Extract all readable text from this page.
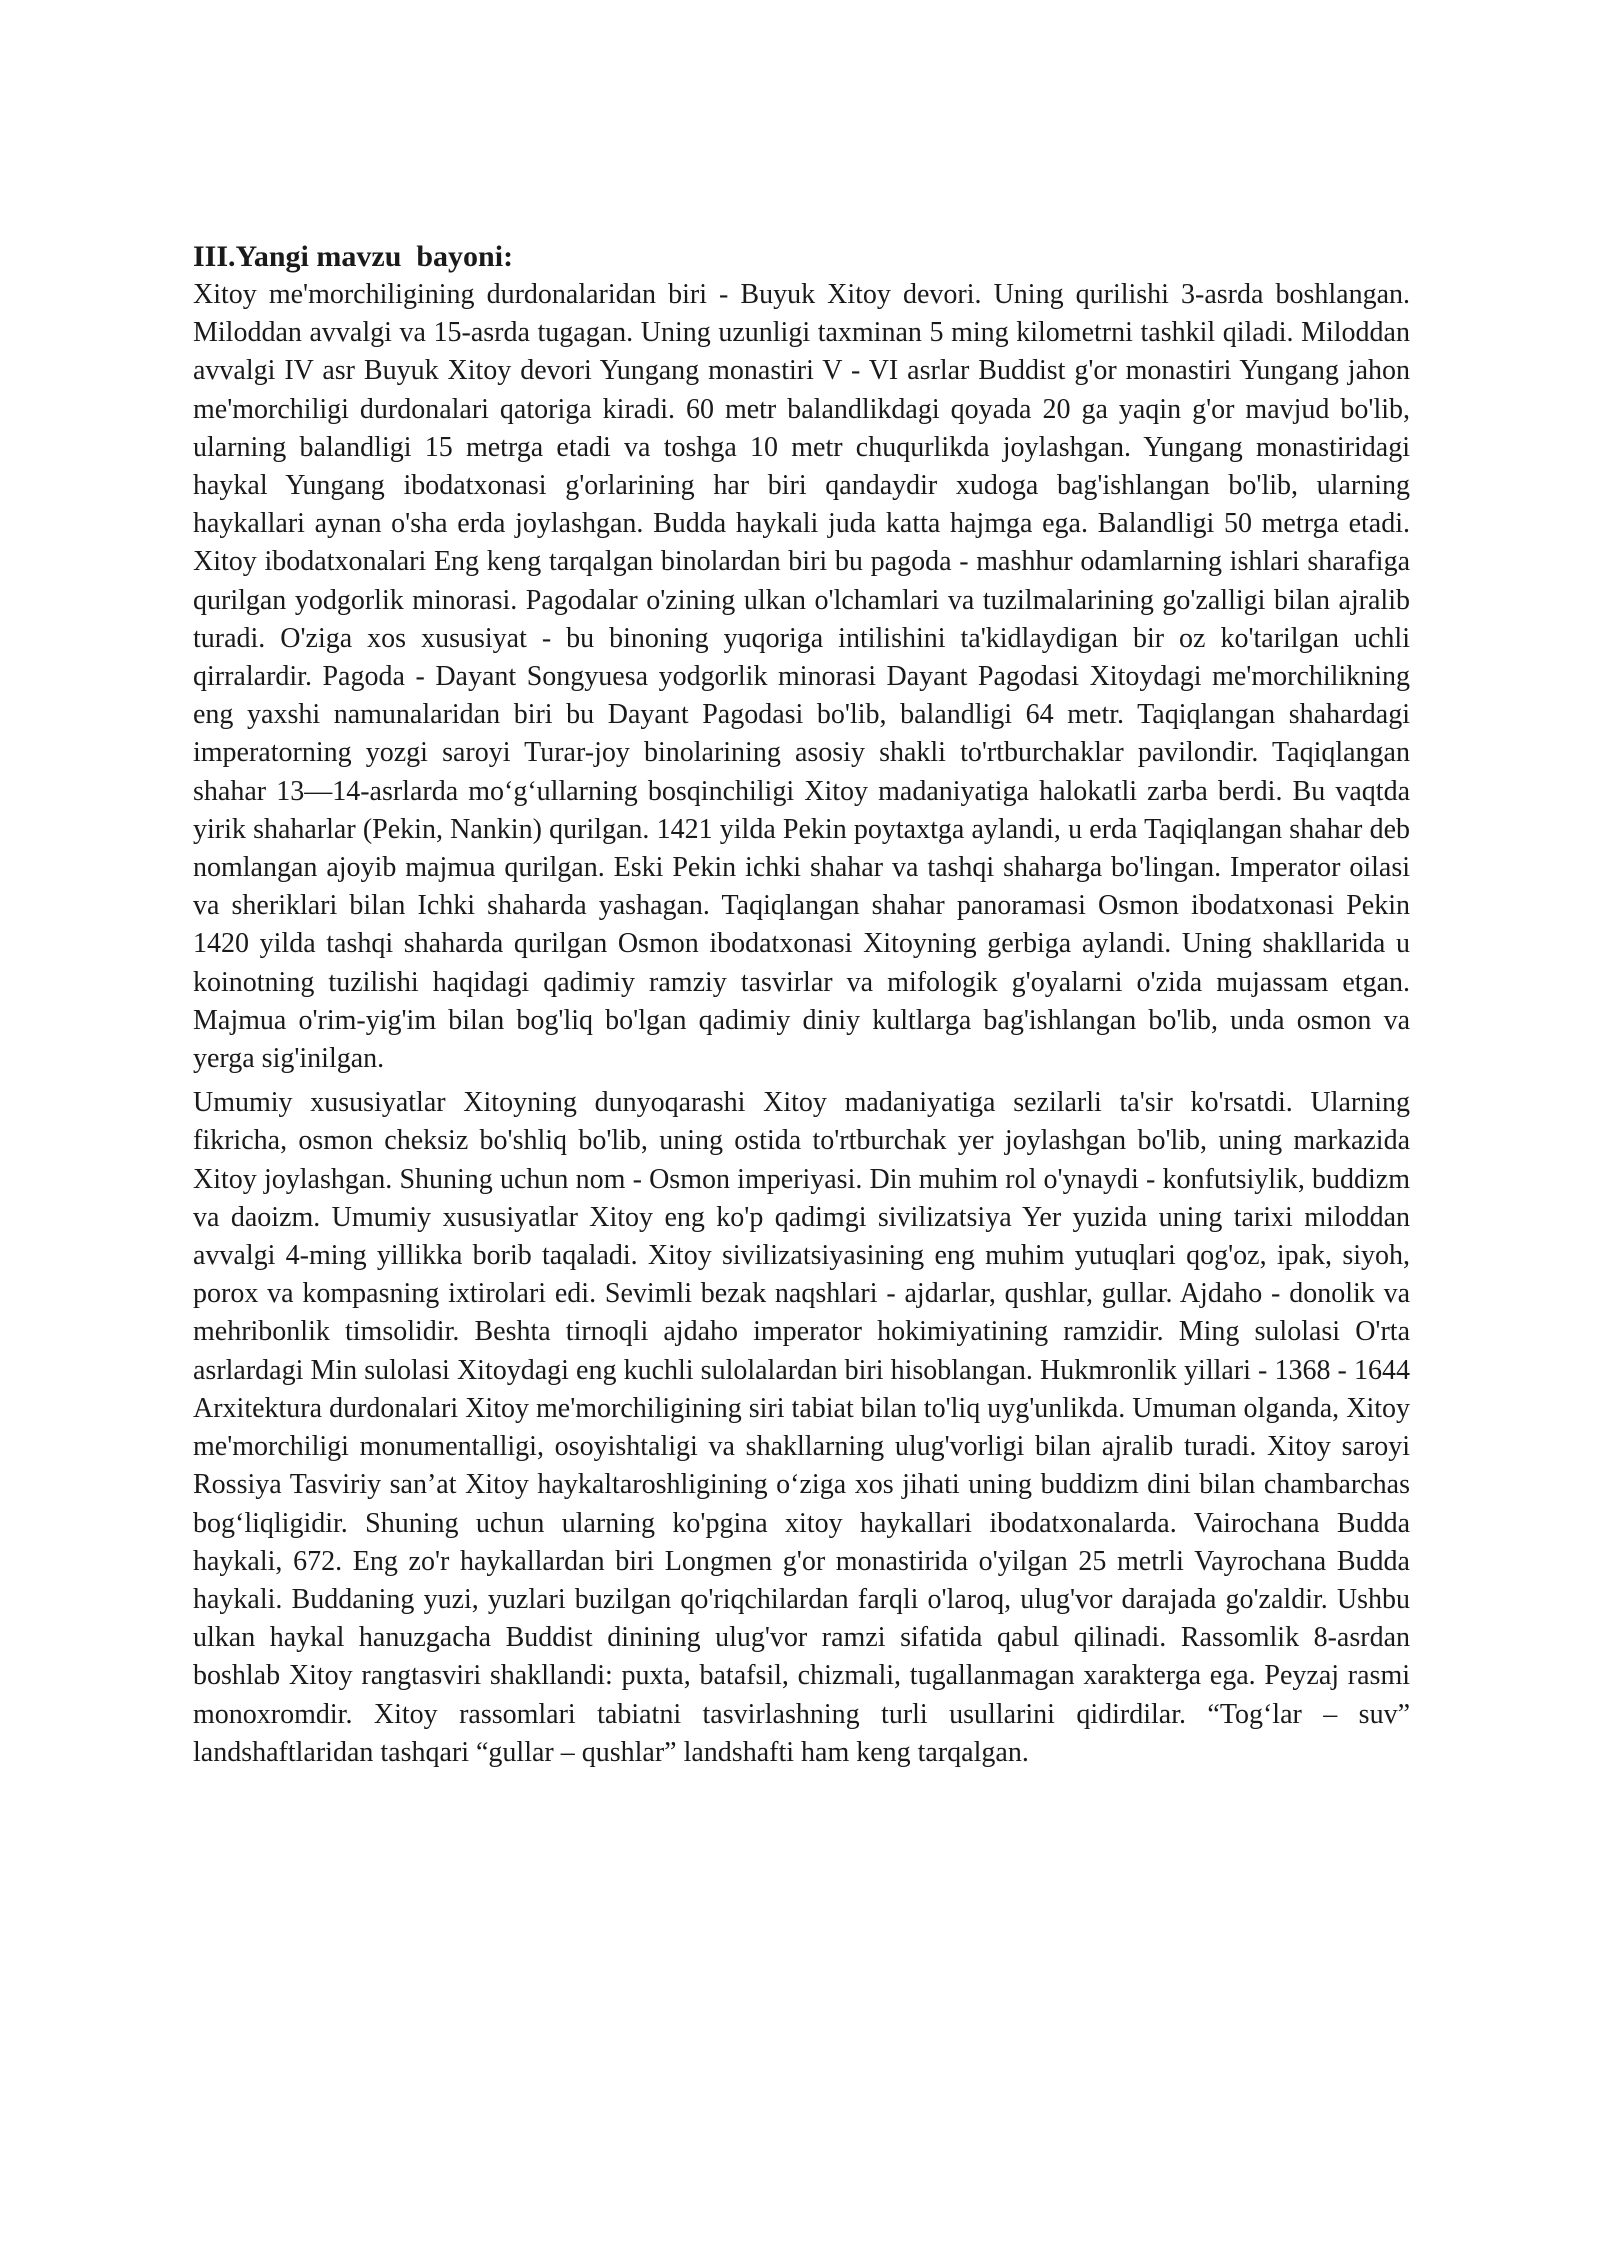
III.Yangi mavzu  bayoni:

Xitoy me'morchiligining durdonalaridan biri - Buyuk Xitoy devori. Uning qurilishi 3-asrda boshlangan. Miloddan avvalgi va 15-asrda tugagan. Uning uzunligi taxminan 5 ming kilometrni tashkil qiladi. Miloddan avvalgi IV asr Buyuk Xitoy devori Yungang monastiri V - VI asrlar Buddist g'or monastiri Yungang jahon me'morchiligi durdonalari qatoriga kiradi. 60 metr balandlikdagi qoyada 20 ga yaqin g'or mavjud bo'lib, ularning balandligi 15 metrga etadi va toshga 10 metr chuqurlikda joylashgan. Yungang monastiridagi haykal Yungang ibodatxonasi g'orlarining har biri qandaydir xudoga bag'ishlangan bo'lib, ularning haykallari aynan o'sha erda joylashgan. Budda haykali juda katta hajmga ega. Balandligi 50 metrga etadi. Xitoy ibodatxonalari Eng keng tarqalgan binolardan biri bu pagoda - mashhur odamlarning ishlari sharafiga qurilgan yodgorlik minorasi. Pagodalar o'zining ulkan o'lchamlari va tuzilmalarining go'zalligi bilan ajralib turadi. O'ziga xos xususiyat - bu binoning yuqoriga intilishini ta'kidlaydigan bir oz ko'tarilgan uchli qirralardir. Pagoda - Dayant Songyuesa yodgorlik minorasi Dayant Pagodasi Xitoydagi me'morchilikning eng yaxshi namunalaridan biri bu Dayant Pagodasi bo'lib, balandligi 64 metr. Taqiqlangan shahardagi imperatorning yozgi saroyi Turar-joy binolarining asosiy shakli to'rtburchaklar pavilondir. Taqiqlangan shahar 13—14-asrlarda mo‘g‘ullarning bosqinchiligi Xitoy madaniyatiga halokatli zarba berdi. Bu vaqtda yirik shaharlar (Pekin, Nankin) qurilgan. 1421 yilda Pekin poytaxtga aylandi, u erda Taqiqlangan shahar deb nomlangan ajoyib majmua qurilgan. Eski Pekin ichki shahar va tashqi shaharga bo'lingan. Imperator oilasi va sheriklari bilan Ichki shaharda yashagan. Taqiqlangan shahar panoramasi Osmon ibodatxonasi Pekin 1420 yilda tashqi shaharda qurilgan Osmon ibodatxonasi Xitoyning gerbiga aylandi. Uning shakllarida u koinotning tuzilishi haqidagi qadimiy ramziy tasvirlar va mifologik g'oyalarni o'zida mujassam etgan. Majmua o'rim-yig'im bilan bog'liq bo'lgan qadimiy diniy kultlarga bag'ishlangan bo'lib, unda osmon va yerga sig'inilgan.

Umumiy xususiyatlar Xitoyning dunyoqarashi Xitoy madaniyatiga sezilarli ta'sir ko'rsatdi. Ularning fikricha, osmon cheksiz bo'shliq bo'lib, uning ostida to'rtburchak yer joylashgan bo'lib, uning markazida Xitoy joylashgan. Shuning uchun nom - Osmon imperiyasi. Din muhim rol o'ynaydi - konfutsiylik, buddizm va daoizm. Umumiy xususiyatlar Xitoy eng ko'p qadimgi sivilizatsiya Yer yuzida uning tarixi miloddan avvalgi 4-ming yillikka borib taqaladi. Xitoy sivilizatsiyasining eng muhim yutuqlari qog'oz, ipak, siyoh, porox va kompasning ixtirolari edi. Sevimli bezak naqshlari - ajdarlar, qushlar, gullar. Ajdaho - donolik va mehribonlik timsolidir. Beshta tirnoqli ajdaho imperator hokimiyatining ramzidir. Ming sulolasi O'rta asrlardagi Min sulolasi Xitoydagi eng kuchli sulolalardan biri hisoblangan. Hukmronlik yillari - 1368 - 1644 Arxitektura durdonalari Xitoy me'morchiligining siri tabiat bilan to'liq uyg'unlikda. Umuman olganda, Xitoy me'morchiligi monumentalligi, osoyishtaligi va shakllarning ulug'vorligi bilan ajralib turadi. Xitoy saroyi Rossiya Tasviriy san’at Xitoy haykaltaroshligining o‘ziga xos jihati uning buddizm dini bilan chambarchas bog‘liqligidir. Shuning uchun ularning ko'pgina xitoy haykallari ibodatxonalarda. Vairochana Budda haykali, 672. Eng zo'r haykallardan biri Longmen g'or monastirida o'yilgan 25 metrli Vayrochana Budda haykali. Buddaning yuzi, yuzlari buzilgan qo'riqchilardan farqli o'laroq, ulug'vor darajada go'zaldir. Ushbu ulkan haykal hanuzgacha Buddist dinining ulug'vor ramzi sifatida qabul qilinadi. Rassomlik 8-asrdan boshlab Xitoy rangtasviri shakllandi: puxta, batafsil, chizmali, tugallanmagan xarakterga ega. Peyzaj rasmi monoxromdir. Xitoy rassomlari tabiatni tasvirlashning turli usullarini qidirdilar. “Tog‘lar – suv” landshaftlaridan tashqari “gullar – qushlar” landshafti ham keng tarqalgan.
